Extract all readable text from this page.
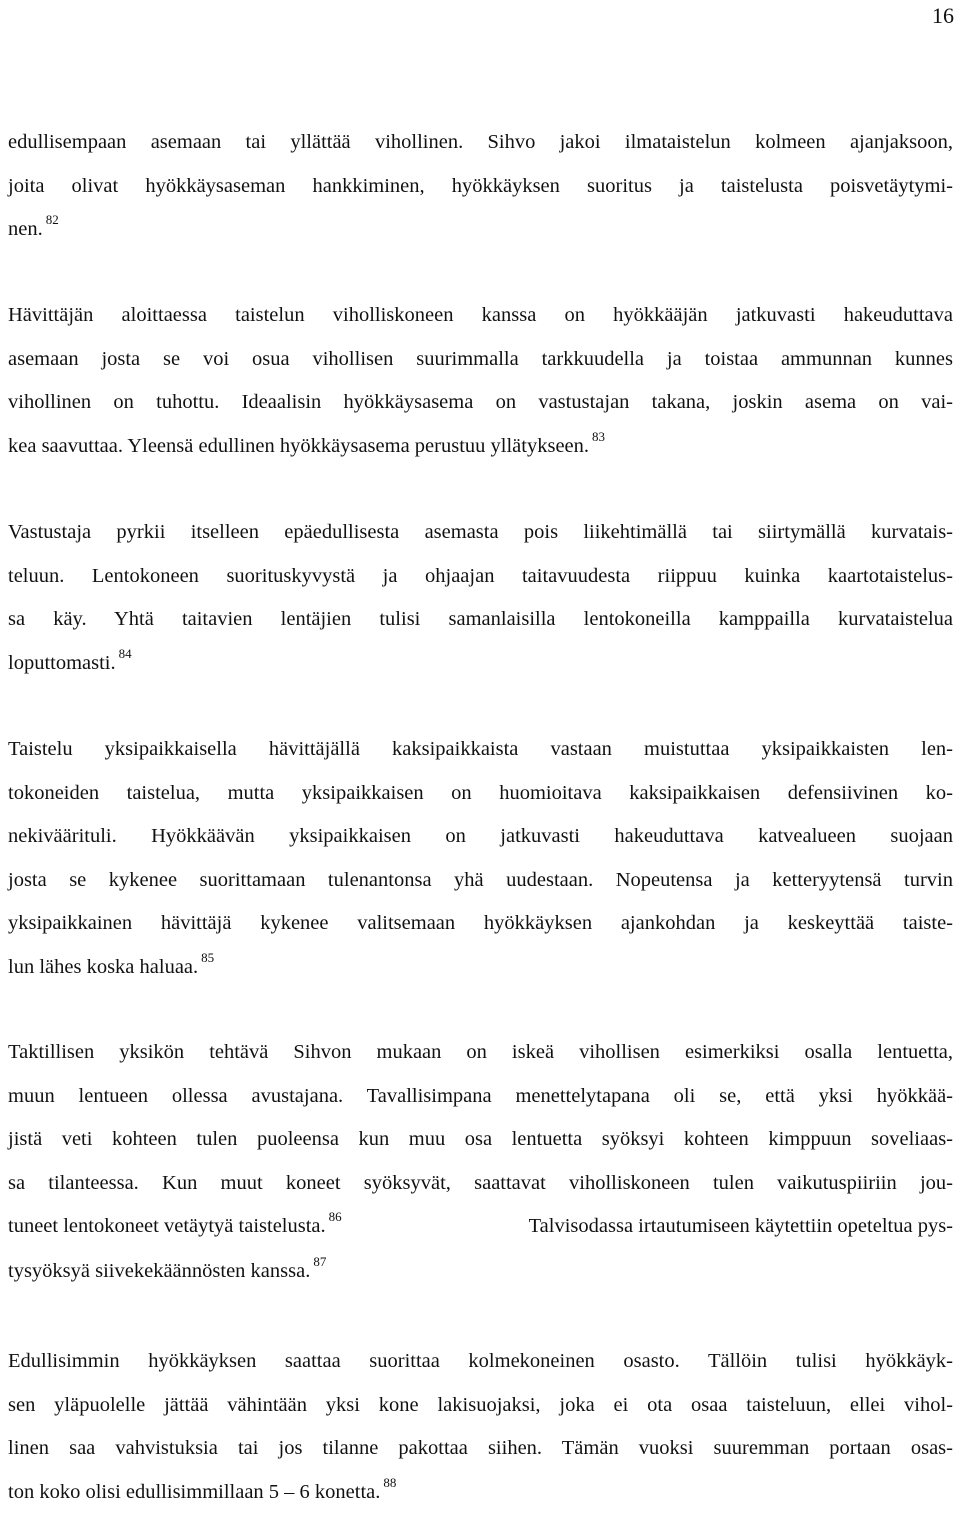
16
edullisempaan asemaan tai yllättää vihollinen. Sihvo jakoi ilmataistelun kolmeen ajanjaksoon,
joita olivat hyökkäysaseman hankkiminen, hyökkäyksen suoritus ja taistelusta poisvetäytymi-
nen. $^{82}$
Hävittäjän aloittaessa taistelun viholliskoneen kanssa on hyökkääjän jatkuvasti hakeuduttava
asemaan josta se voi osua vihollisen suurimmalla tarkkuudella ja toistaa ammunnan kunnes
vihollinen on tuhottu. Ideaalisin hyökkäysasema on vastustajan takana, joskin asema on vai-
kea saavuttaa. Yleensä edullinen hyökkäysasema perustuu yllätykseen. $^{83}$
Vastustaja pyrkii itselleen epäedullisesta asemasta pois liikehtimällä tai siirtymällä kurvatais-
teluun. Lentokoneen suorituskyvystä ja ohjaajan taitavuudesta riippuu kuinka kaartotaistelus-
sa käy. Yhtä taitavien lentäjien tulisi samanlaisilla lentokoneilla kamppailla kurvataistelua
loputtomasti. $^{84}$
Taistelu yksipaikkaisella hävittäjällä kaksipaikkaista vastaan muistuttaa yksipaikkaisten len-
tokoneiden taistelua, mutta yksipaikkaisen on huomioitava kaksipaikkaisen defensiivinen ko-
nekiväärituli. Hyökkäävän yksipaikkaisen on jatkuvasti hakeuduttava katvealueen suojaan
josta se kykenee suorittamaan tulenantonsa yhä uudestaan. Nopeutensa ja ketteryytensä turvin
yksipaikkainen hävittäjä kykenee valitsemaan hyökkäyksen ajankohdan ja keskeyttää taiste-
lun lähes koska haluaa. $^{85}$
Taktillisen yksikön tehtävä Sihvon mukaan on iskeä vihollisen esimerkiksi osalla lentuetta,
muun lentueen ollessa avustajana. Tavallisimpana menettelytapana oli se, että yksi hyökkää-
jistä veti kohteen tulen puoleensa kun muu osa lentuetta syöksyi kohteen kimppuun soveliaas-
sa tilanteessa. Kun muut koneet syöksyvät, saattavat viholliskoneen tulen vaikutuspiiriin jou-
tuneet lentokoneet vetäytyä taistelusta. $^{86}$	Talvisodassa irtautumiseen käytettiin opeteltua pys-
tysyöksyä siivekekäännösten kanssa. $^{87}$
Edullisimmin hyökkäyksen saattaa suorittaa kolmekoneinen osasto. Tällöin tulisi hyökkäyk-
sen yläpuolelle jättää vähintään yksi kone lakisuojaksi, joka ei ota osaa taisteluun, ellei vihol-
linen saa vahvistuksia tai jos tilanne pakottaa siihen. Tämän vuoksi suuremman portaan osas-
ton koko olisi edullisimmillaan 5 – 6 konetta. $^{88}$
